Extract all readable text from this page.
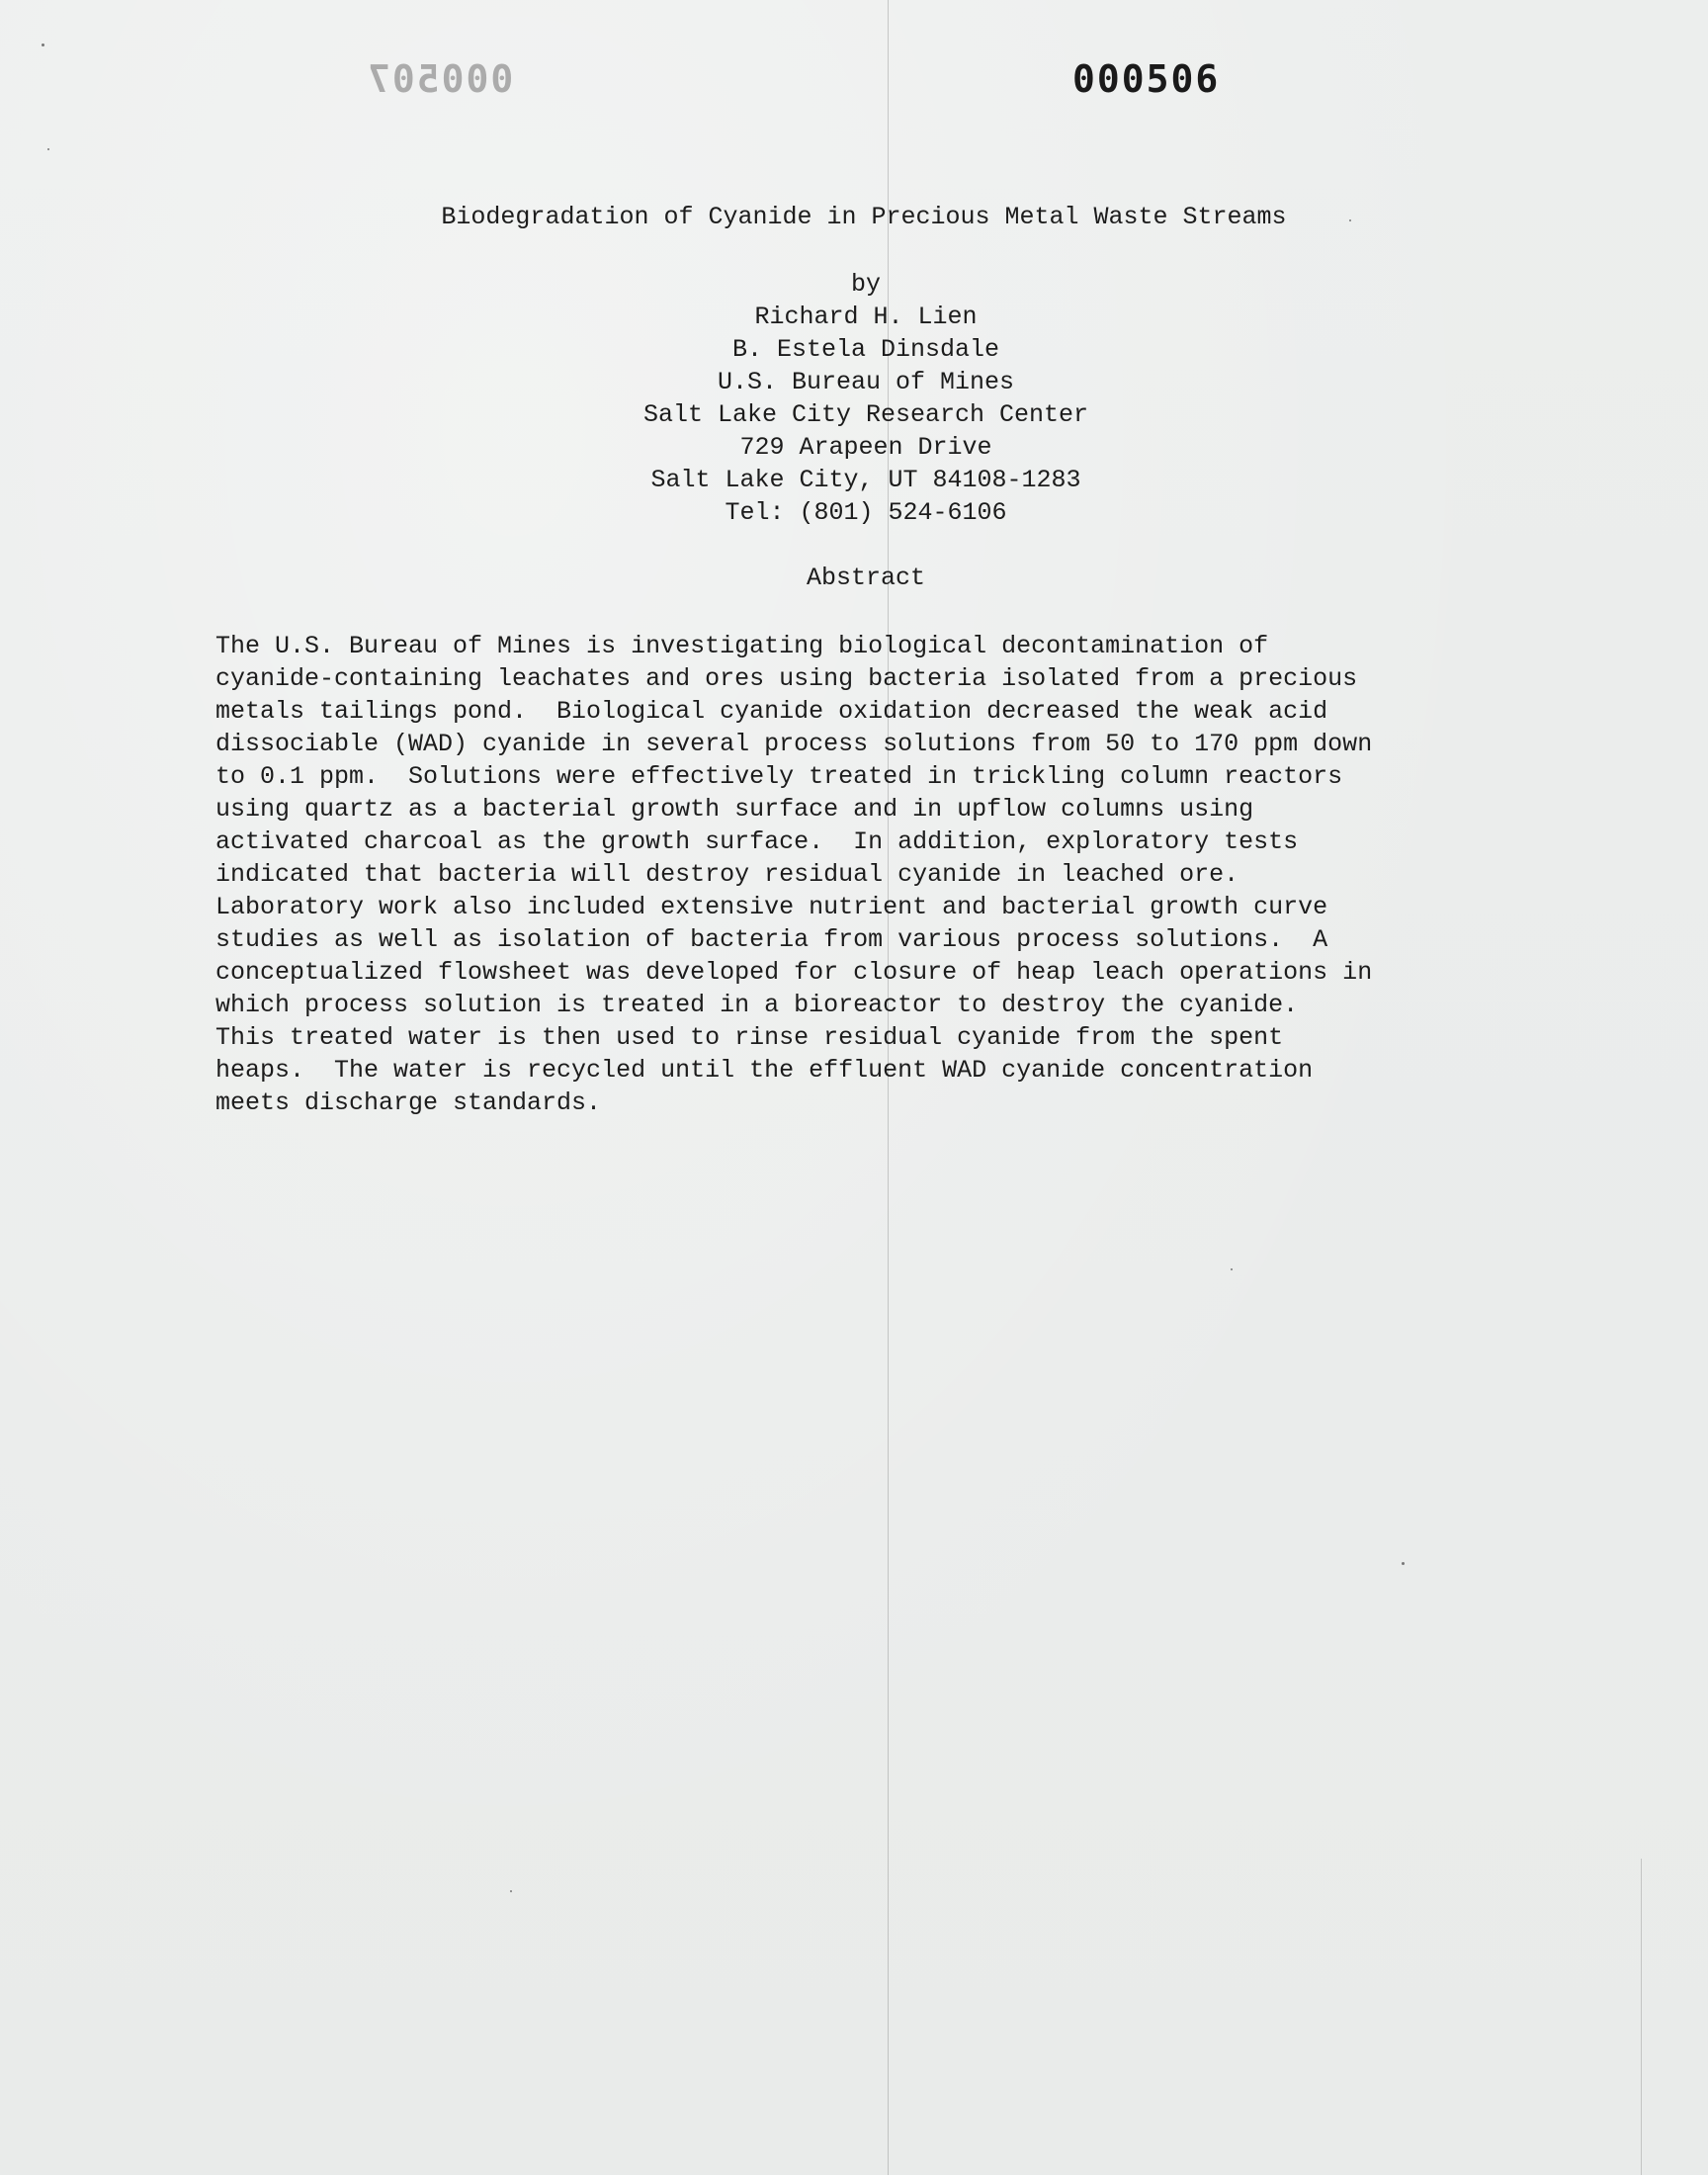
000507	000506
Biodegradation of Cyanide in Precious Metal Waste Streams
by
Richard H. Lien
B. Estela Dinsdale
U.S. Bureau of Mines
Salt Lake City Research Center
729 Arapeen Drive
Salt Lake City, UT 84108-1283
Tel: (801) 524-6106
Abstract
The U.S. Bureau of Mines is investigating biological decontamination of
cyanide-containing leachates and ores using bacteria isolated from a precious
metals tailings pond.  Biological cyanide oxidation decreased the weak acid
dissociable (WAD) cyanide in several process solutions from 50 to 170 ppm down
to 0.1 ppm.  Solutions were effectively treated in trickling column reactors
using quartz as a bacterial growth surface and in upflow columns using
activated charcoal as the growth surface.  In addition, exploratory tests
indicated that bacteria will destroy residual cyanide in leached ore.
Laboratory work also included extensive nutrient and bacterial growth curve
studies as well as isolation of bacteria from various process solutions.  A
conceptualized flowsheet was developed for closure of heap leach operations in
which process solution is treated in a bioreactor to destroy the cyanide.
This treated water is then used to rinse residual cyanide from the spent
heaps.  The water is recycled until the effluent WAD cyanide concentration
meets discharge standards.
